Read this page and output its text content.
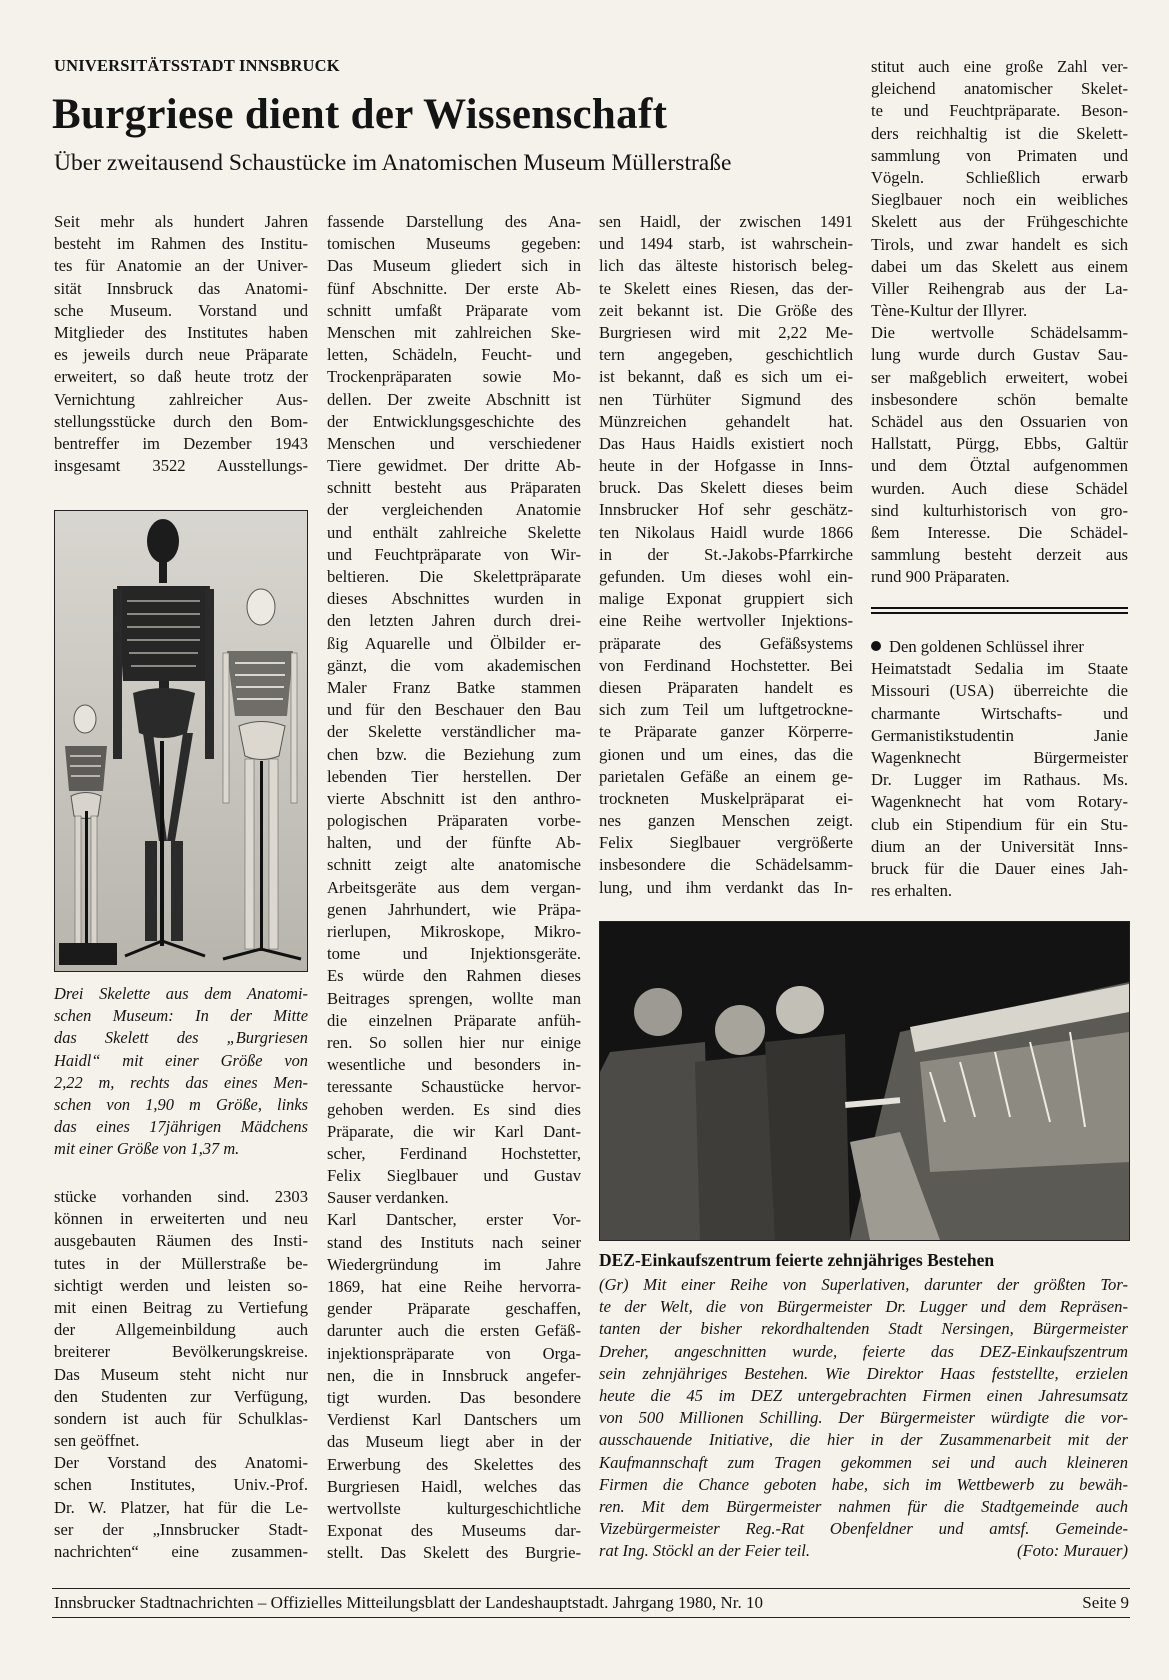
UNIVERSITÄTSSTADT INNSBRUCK
Burgriese dient der Wissenschaft
Über zweitausend Schaustücke im Anatomischen Museum Müllerstraße
Seit mehr als hundert Jahren
besteht im Rahmen des Institu-
tes für Anatomie an der Univer-
sität Innsbruck das Anatomi-
sche Museum. Vorstand und
Mitglieder des Institutes haben
es jeweils durch neue Präparate
erweitert, so daß heute trotz der
Vernichtung zahlreicher Aus-
stellungsstücke durch den Bom-
bentreffer im Dezember 1943
insgesamt 3522 Ausstellungs-
Drei Skelette aus dem Anatomi-
schen Museum: In der Mitte
das Skelett des „Burgriesen
Haidl“ mit einer Größe von
2,22 m, rechts das eines Men-
schen von 1,90 m Größe, links
das eines 17jährigen Mädchens
mit einer Größe von 1,37 m.
stücke vorhanden sind. 2303
können in erweiterten und neu
ausgebauten Räumen des Insti-
tutes in der Müllerstraße be-
sichtigt werden und leisten so-
mit einen Beitrag zu Vertiefung
der Allgemeinbildung auch
breiterer Bevölkerungskreise.
Das Museum steht nicht nur
den Studenten zur Verfügung,
sondern ist auch für Schulklas-
sen geöffnet.
Der Vorstand des Anatomi-
schen Institutes, Univ.-Prof.
Dr. W. Platzer, hat für die Le-
ser der „Innsbrucker Stadt-
nachrichten“ eine zusammen-
fassende Darstellung des Ana-
tomischen Museums gegeben:
Das Museum gliedert sich in
fünf Abschnitte. Der erste Ab-
schnitt umfaßt Präparate vom
Menschen mit zahlreichen Ske-
letten, Schädeln, Feucht- und
Trockenpräparaten sowie Mo-
dellen. Der zweite Abschnitt ist
der Entwicklungsgeschichte des
Menschen und verschiedener
Tiere gewidmet. Der dritte Ab-
schnitt besteht aus Präparaten
der vergleichenden Anatomie
und enthält zahlreiche Skelette
und Feuchtpräparate von Wir-
beltieren. Die Skelettpräparate
dieses Abschnittes wurden in
den letzten Jahren durch drei-
ßig Aquarelle und Ölbilder er-
gänzt, die vom akademischen
Maler Franz Batke stammen
und für den Beschauer den Bau
der Skelette verständlicher ma-
chen bzw. die Beziehung zum
lebenden Tier herstellen. Der
vierte Abschnitt ist den anthro-
pologischen Präparaten vorbe-
halten, und der fünfte Ab-
schnitt zeigt alte anatomische
Arbeitsgeräte aus dem vergan-
genen Jahrhundert, wie Präpa-
rierlupen, Mikroskope, Mikro-
tome und Injektionsgeräte.
Es würde den Rahmen dieses
Beitrages sprengen, wollte man
die einzelnen Präparate anfüh-
ren. So sollen hier nur einige
wesentliche und besonders in-
teressante Schaustücke hervor-
gehoben werden. Es sind dies
Präparate, die wir Karl Dant-
scher, Ferdinand Hochstetter,
Felix Sieglbauer und Gustav
Sauser verdanken.
Karl Dantscher, erster Vor-
stand des Instituts nach seiner
Wiedergründung im Jahre
1869, hat eine Reihe hervorra-
gender Präparate geschaffen,
darunter auch die ersten Gefäß-
injektionspräparate von Orga-
nen, die in Innsbruck angefer-
tigt wurden. Das besondere
Verdienst Karl Dantschers um
das Museum liegt aber in der
Erwerbung des Skelettes des
Burgriesen Haidl, welches das
wertvollste kulturgeschichtliche
Exponat des Museums dar-
stellt. Das Skelett des Burgrie-
sen Haidl, der zwischen 1491
und 1494 starb, ist wahrschein-
lich das älteste historisch beleg-
te Skelett eines Riesen, das der-
zeit bekannt ist. Die Größe des
Burgriesen wird mit 2,22 Me-
tern angegeben, geschichtlich
ist bekannt, daß es sich um ei-
nen Türhüter Sigmund des
Münzreichen gehandelt hat.
Das Haus Haidls existiert noch
heute in der Hofgasse in Inns-
bruck. Das Skelett dieses beim
Innsbrucker Hof sehr geschätz-
ten Nikolaus Haidl wurde 1866
in der St.-Jakobs-Pfarrkirche
gefunden. Um dieses wohl ein-
malige Exponat gruppiert sich
eine Reihe wertvoller Injektions-
präparate des Gefäßsystems
von Ferdinand Hochstetter. Bei
diesen Präparaten handelt es
sich zum Teil um luftgetrockne-
te Präparate ganzer Körperre-
gionen und um eines, das die
parietalen Gefäße an einem ge-
trockneten Muskelpräparat ei-
nes ganzen Menschen zeigt.
Felix Sieglbauer vergrößerte
insbesondere die Schädelsamm-
lung, und ihm verdankt das In-
stitut auch eine große Zahl ver-
gleichend anatomischer Skelet-
te und Feuchtpräparate. Beson-
ders reichhaltig ist die Skelett-
sammlung von Primaten und
Vögeln. Schließlich erwarb
Sieglbauer noch ein weibliches
Skelett aus der Frühgeschichte
Tirols, und zwar handelt es sich
dabei um das Skelett aus einem
Viller Reihengrab aus der La-
Tène-Kultur der Illyrer.
Die wertvolle Schädelsamm-
lung wurde durch Gustav Sau-
ser maßgeblich erweitert, wobei
insbesondere schön bemalte
Schädel aus den Ossuarien von
Hallstatt, Pürgg, Ebbs, Galtür
und dem Ötztal aufgenommen
wurden. Auch diese Schädel
sind kulturhistorisch von gro-
ßem Interesse. Die Schädel-
sammlung besteht derzeit aus
rund 900 Präparaten.
Den goldenen Schlüssel ihrer
Heimatstadt Sedalia im Staate
Missouri (USA) überreichte die
charmante Wirtschafts- und
Germanistikstudentin Janie
Wagenknecht Bürgermeister
Dr. Lugger im Rathaus. Ms.
Wagenknecht hat vom Rotary-
club ein Stipendium für ein Stu-
dium an der Universität Inns-
bruck für die Dauer eines Jah-
res erhalten.
DEZ-Einkaufszentrum feierte zehnjähriges Bestehen
(Gr) Mit einer Reihe von Superlativen, darunter der größten Tor-
te der Welt, die von Bürgermeister Dr. Lugger und dem Repräsen-
tanten der bisher rekordhaltenden Stadt Nersingen, Bürgermeister
Dreher, angeschnitten wurde, feierte das DEZ-Einkaufszentrum
sein zehnjähriges Bestehen. Wie Direktor Haas feststellte, erzielen
heute die 45 im DEZ untergebrachten Firmen einen Jahresumsatz
von 500 Millionen Schilling. Der Bürgermeister würdigte die vor-
ausschauende Initiative, die hier in der Zusammenarbeit mit der
Kaufmannschaft zum Tragen gekommen sei und auch kleineren
Firmen die Chance geboten habe, sich im Wettbewerb zu bewäh-
ren. Mit dem Bürgermeister nahmen für die Stadtgemeinde auch
Vizebürgermeister Reg.-Rat Obenfeldner und amtsf. Gemeinde-
rat Ing. Stöckl an der Feier teil.	(Foto: Murauer)
Innsbrucker Stadtnachrichten – Offizielles Mitteilungsblatt der Landeshauptstadt. Jahrgang 1980, Nr. 10	Seite 9
